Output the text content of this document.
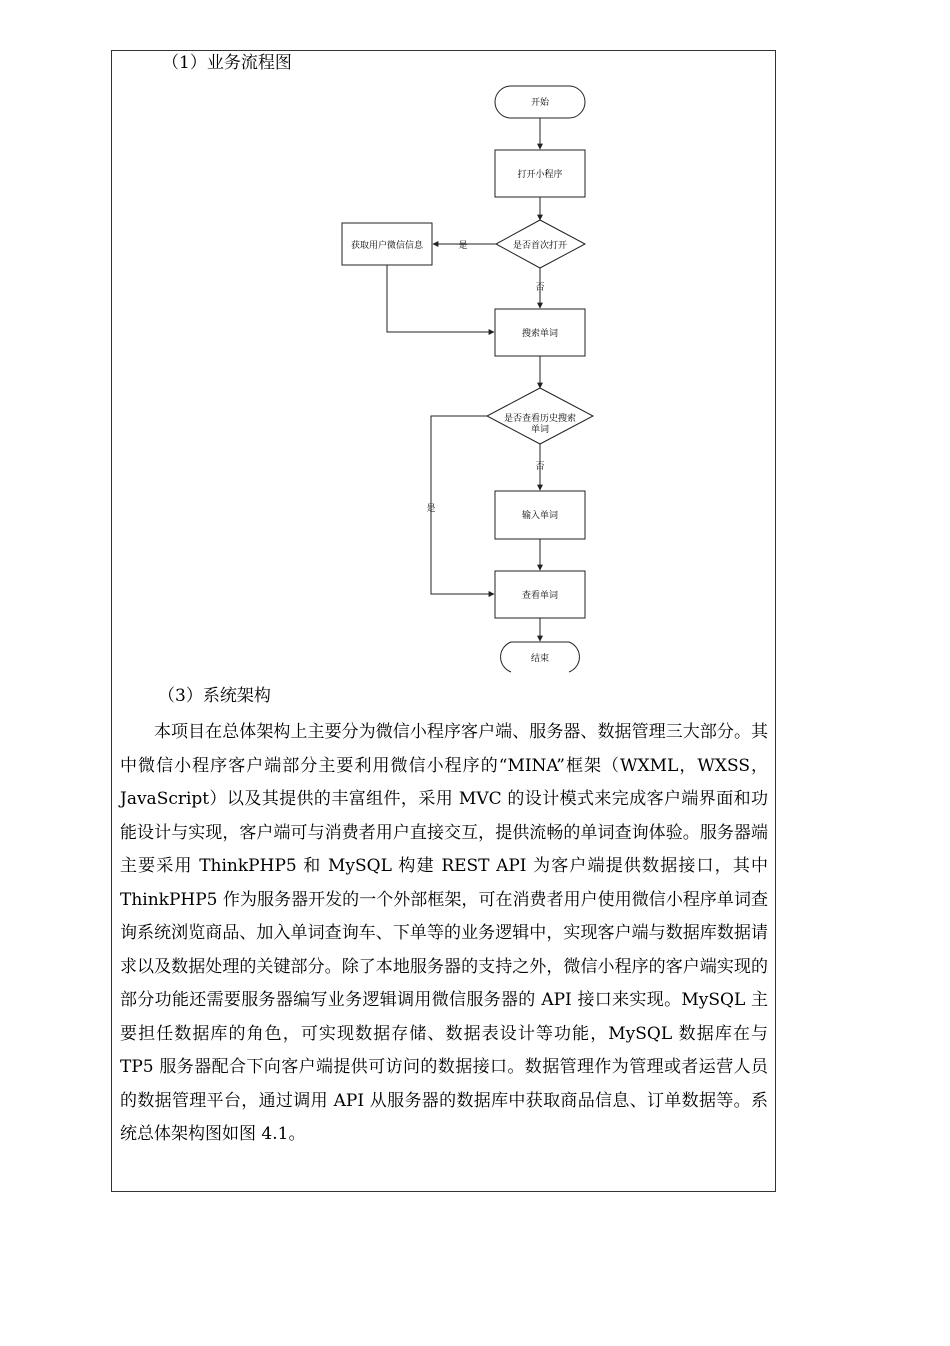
（1）业务流程图
开始
打开小程序
是否首次打开
获取用户微信信息	是
否
搜索单词
是否查看历史搜索
单词
否
是
输入单词
查看单词
结束
（3）系统架构

本项目在总体架构上主要分为微信小程序客户端、服务器、数据管理三大部分。其中微信小程序客户端部分主要利用微信小程序的“MINA”框架（WXML，WXSS，JavaScript）以及其提供的丰富组件，采用 MVC 的设计模式来完成客户端界面和功能设计与实现，客户端可与消费者用户直接交互，提供流畅的单词查询体验。服务器端主要采用 ThinkPHP5 和 MySQL 构建 REST API 为客户端提供数据接口，其中 ThinkPHP5 作为服务器开发的一个外部框架，可在消费者用户使用微信小程序单词查询系统浏览商品、加入单词查询车、下单等的业务逻辑中，实现客户端与数据库数据请求以及数据处理的关键部分。除了本地服务器的支持之外，微信小程序的客户端实现的部分功能还需要服务器编写业务逻辑调用微信服务器的 API 接口来实现。MySQL 主要担任数据库的角色，可实现数据存储、数据表设计等功能，MySQL 数据库在与 TP5 服务器配合下向客户端提供可访问的数据接口。数据管理作为管理或者运营人员的数据管理平台，通过调用 API 从服务器的数据库中获取商品信息、订单数据等。系统总体架构图如图 4.1。
